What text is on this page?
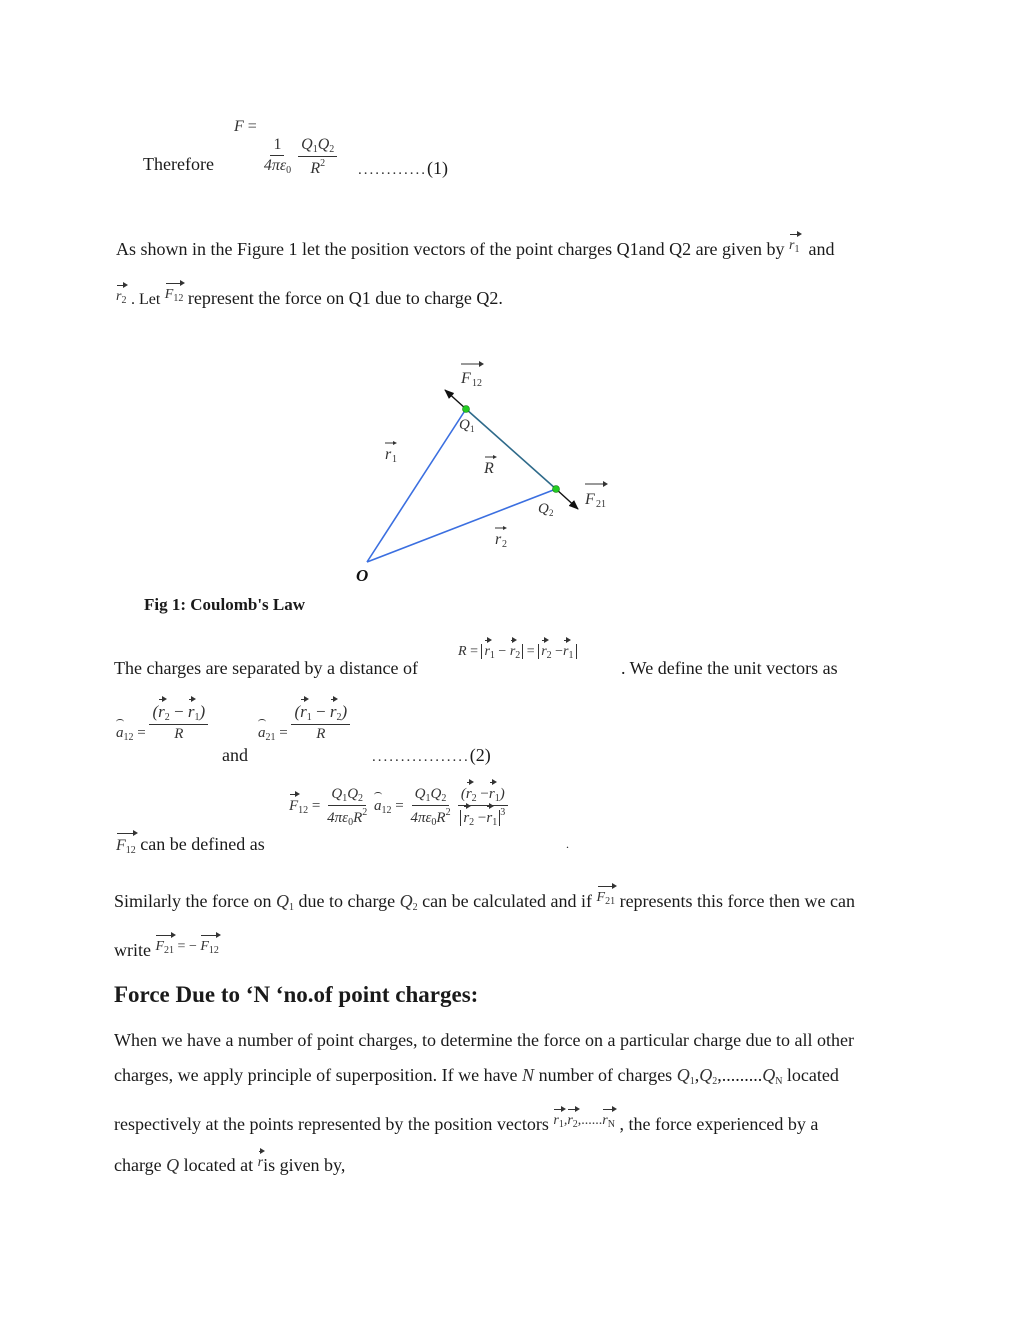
Therefore
F =
$\frac{1}{4\pi\varepsilon_0}$
$\frac{Q_1Q_2}{R^2} ............(1)$
As shown in the Figure 1 let the position vectors of the point charges Q1and Q2 are given by $r_1$ and
$r_2$ . Let $F_{12}$ represent the force on Q1 due to charge Q2.
F 12
Q 1
r 1
R
Q 2
F 21
r 2
O
Fig 1: Coulomb's Law
The charges are separated by a distance of
$R = r_1 - r_2 = r_2 -r_1$
. We define the unit vectors as
$a_{12} = \frac{(r_2 - r_1)}{R}$
and
$a_{21} = \frac{(r_1 - r_2)}{R}$
.................(2)
$F_{12} = \frac{Q_1Q_2}{4\pi\varepsilon_0R^2} a_{12} = \frac{Q_1Q_2}{4\pi\varepsilon_0R^2}$
$\frac{(r_2 -r_1)}{r_2 -r_1^3}$
.
$F_{12}$ can be defined as
Similarly the force on $Q_1$ due to charge $Q_2$ can be calculated and if $F_{21}$ represents this force then we can
write $^{F_{21} = - F_{12}}$
Force Due to ‘N ‘no.of point charges:
When we have a number of point charges, to determine the force on a particular charge due to all other
charges, we apply principle of superposition. If we have N number of charges $Q_1,Q_2,.........Q_N$ located
respectively at the points represented by the position vectors $^{r_1,r_2,......r_N}$ , the force experienced by a
charge Q located at ris given by,
